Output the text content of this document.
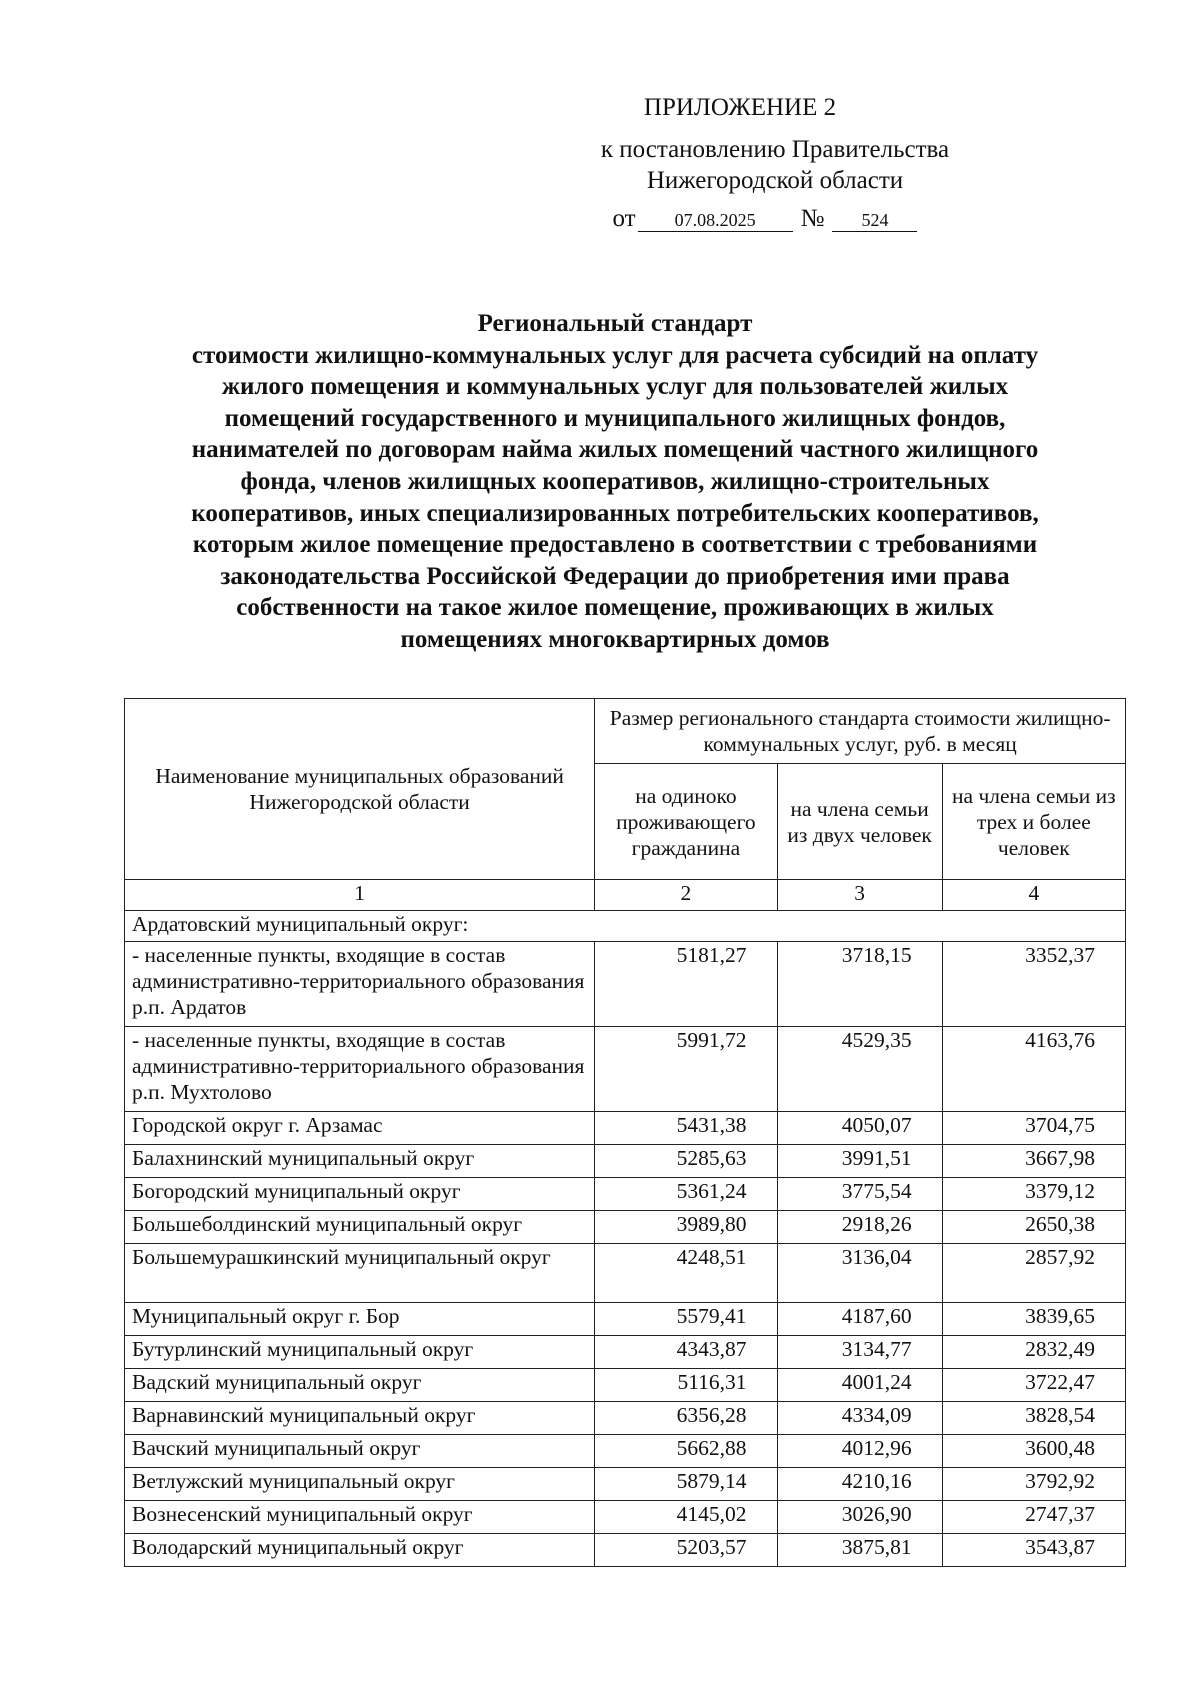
ПРИЛОЖЕНИЕ 2
к постановлению Правительства
Нижегородской области
от	07.08.2025	№	524
Региональный стандарт
стоимости жилищно-коммунальных услуг для расчета субсидий на оплату
жилого помещения и коммунальных услуг для пользователей жилых
помещений государственного и муниципального жилищных фондов,
нанимателей по договорам найма жилых помещений частного жилищного
фонда, членов жилищных кооперативов, жилищно-строительных
кооперативов, иных специализированных потребительских кооперативов,
которым жилое помещение предоставлено в соответствии с требованиями
законодательства Российской Федерации до приобретения ими права
собственности на такое жилое помещение, проживающих в жилых
помещениях многоквартирных домов
Наименование муниципальных образований Нижегородской области	Размер регионального стандарта стоимости жилищно-коммунальных услуг, руб. в месяц		
	на одиноко проживающего гражданина	на члена семьи из двух человек	на члена семьи из трех и более человек
1	2	3	4
Ардатовский муниципальный округ:			
- населенные пункты, входящие в состав административно-территориального образования р.п. Ардатов	5181,27	3718,15	3352,37
- населенные пункты, входящие в состав административно-территориального образования р.п. Мухтолово	5991,72	4529,35	4163,76
Городской округ г. Арзамас	5431,38	4050,07	3704,75
Балахнинский муниципальный округ	5285,63	3991,51	3667,98
Богородский муниципальный округ	5361,24	3775,54	3379,12
Большеболдинский муниципальный округ	3989,80	2918,26	2650,38
Большемурашкинский муниципальный округ	4248,51	3136,04	2857,92
Муниципальный округ г. Бор	5579,41	4187,60	3839,65
Бутурлинский муниципальный округ	4343,87	3134,77	2832,49
Вадский муниципальный округ	5116,31	4001,24	3722,47
Варнавинский муниципальный округ	6356,28	4334,09	3828,54
Вачский муниципальный округ	5662,88	4012,96	3600,48
Ветлужский муниципальный округ	5879,14	4210,16	3792,92
Вознесенский муниципальный округ	4145,02	3026,90	2747,37
Володарский муниципальный округ	5203,57	3875,81	3543,87
